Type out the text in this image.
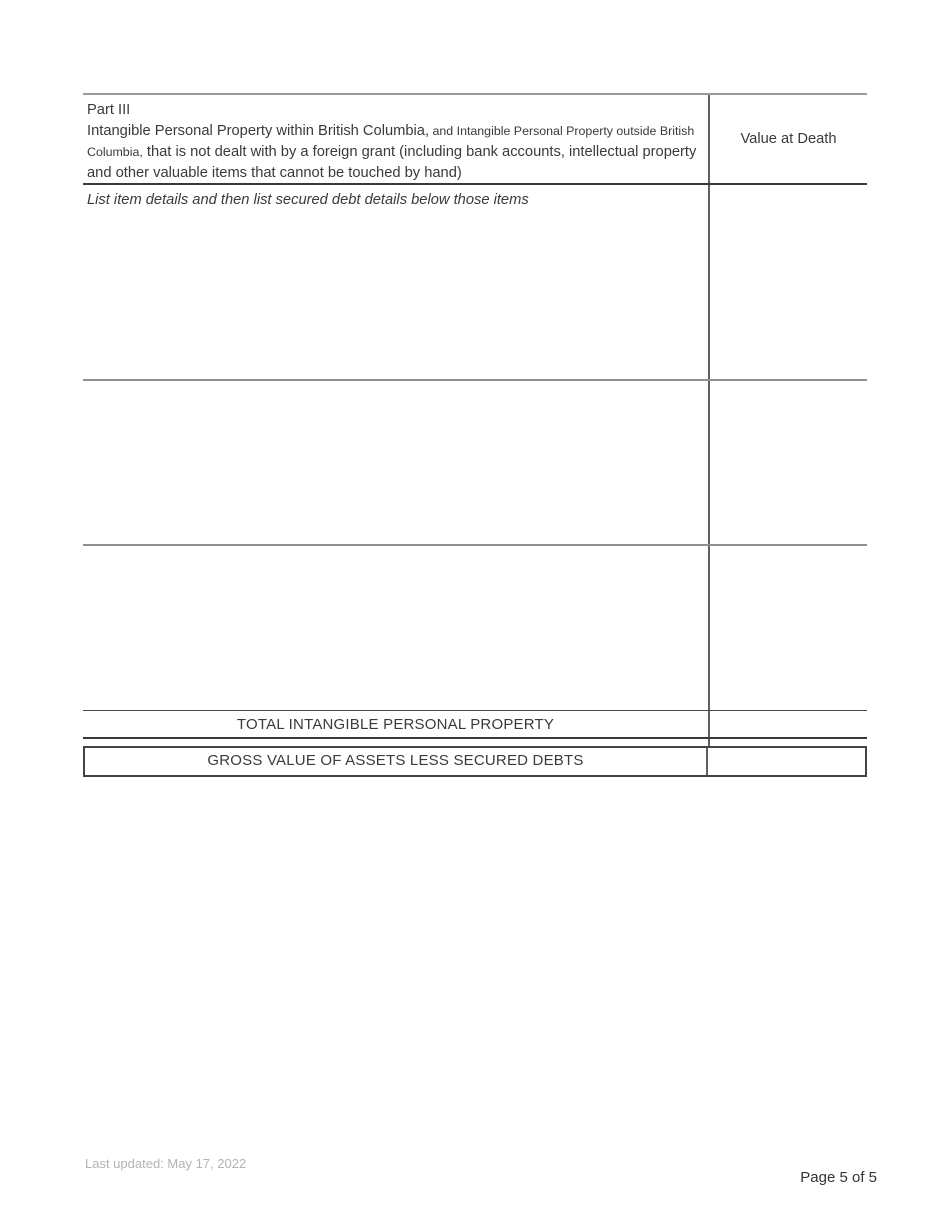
Part III
Intangible Personal Property within British Columbia, and Intangible Personal Property outside British Columbia, that is not dealt with by a foreign grant (including bank accounts, intellectual property and other valuable items that cannot be touched by hand)
Value at Death
List item details and then list secured debt details below those items
TOTAL INTANGIBLE PERSONAL PROPERTY
GROSS VALUE OF ASSETS LESS SECURED DEBTS
Last updated: May 17, 2022
Page 5 of 5
